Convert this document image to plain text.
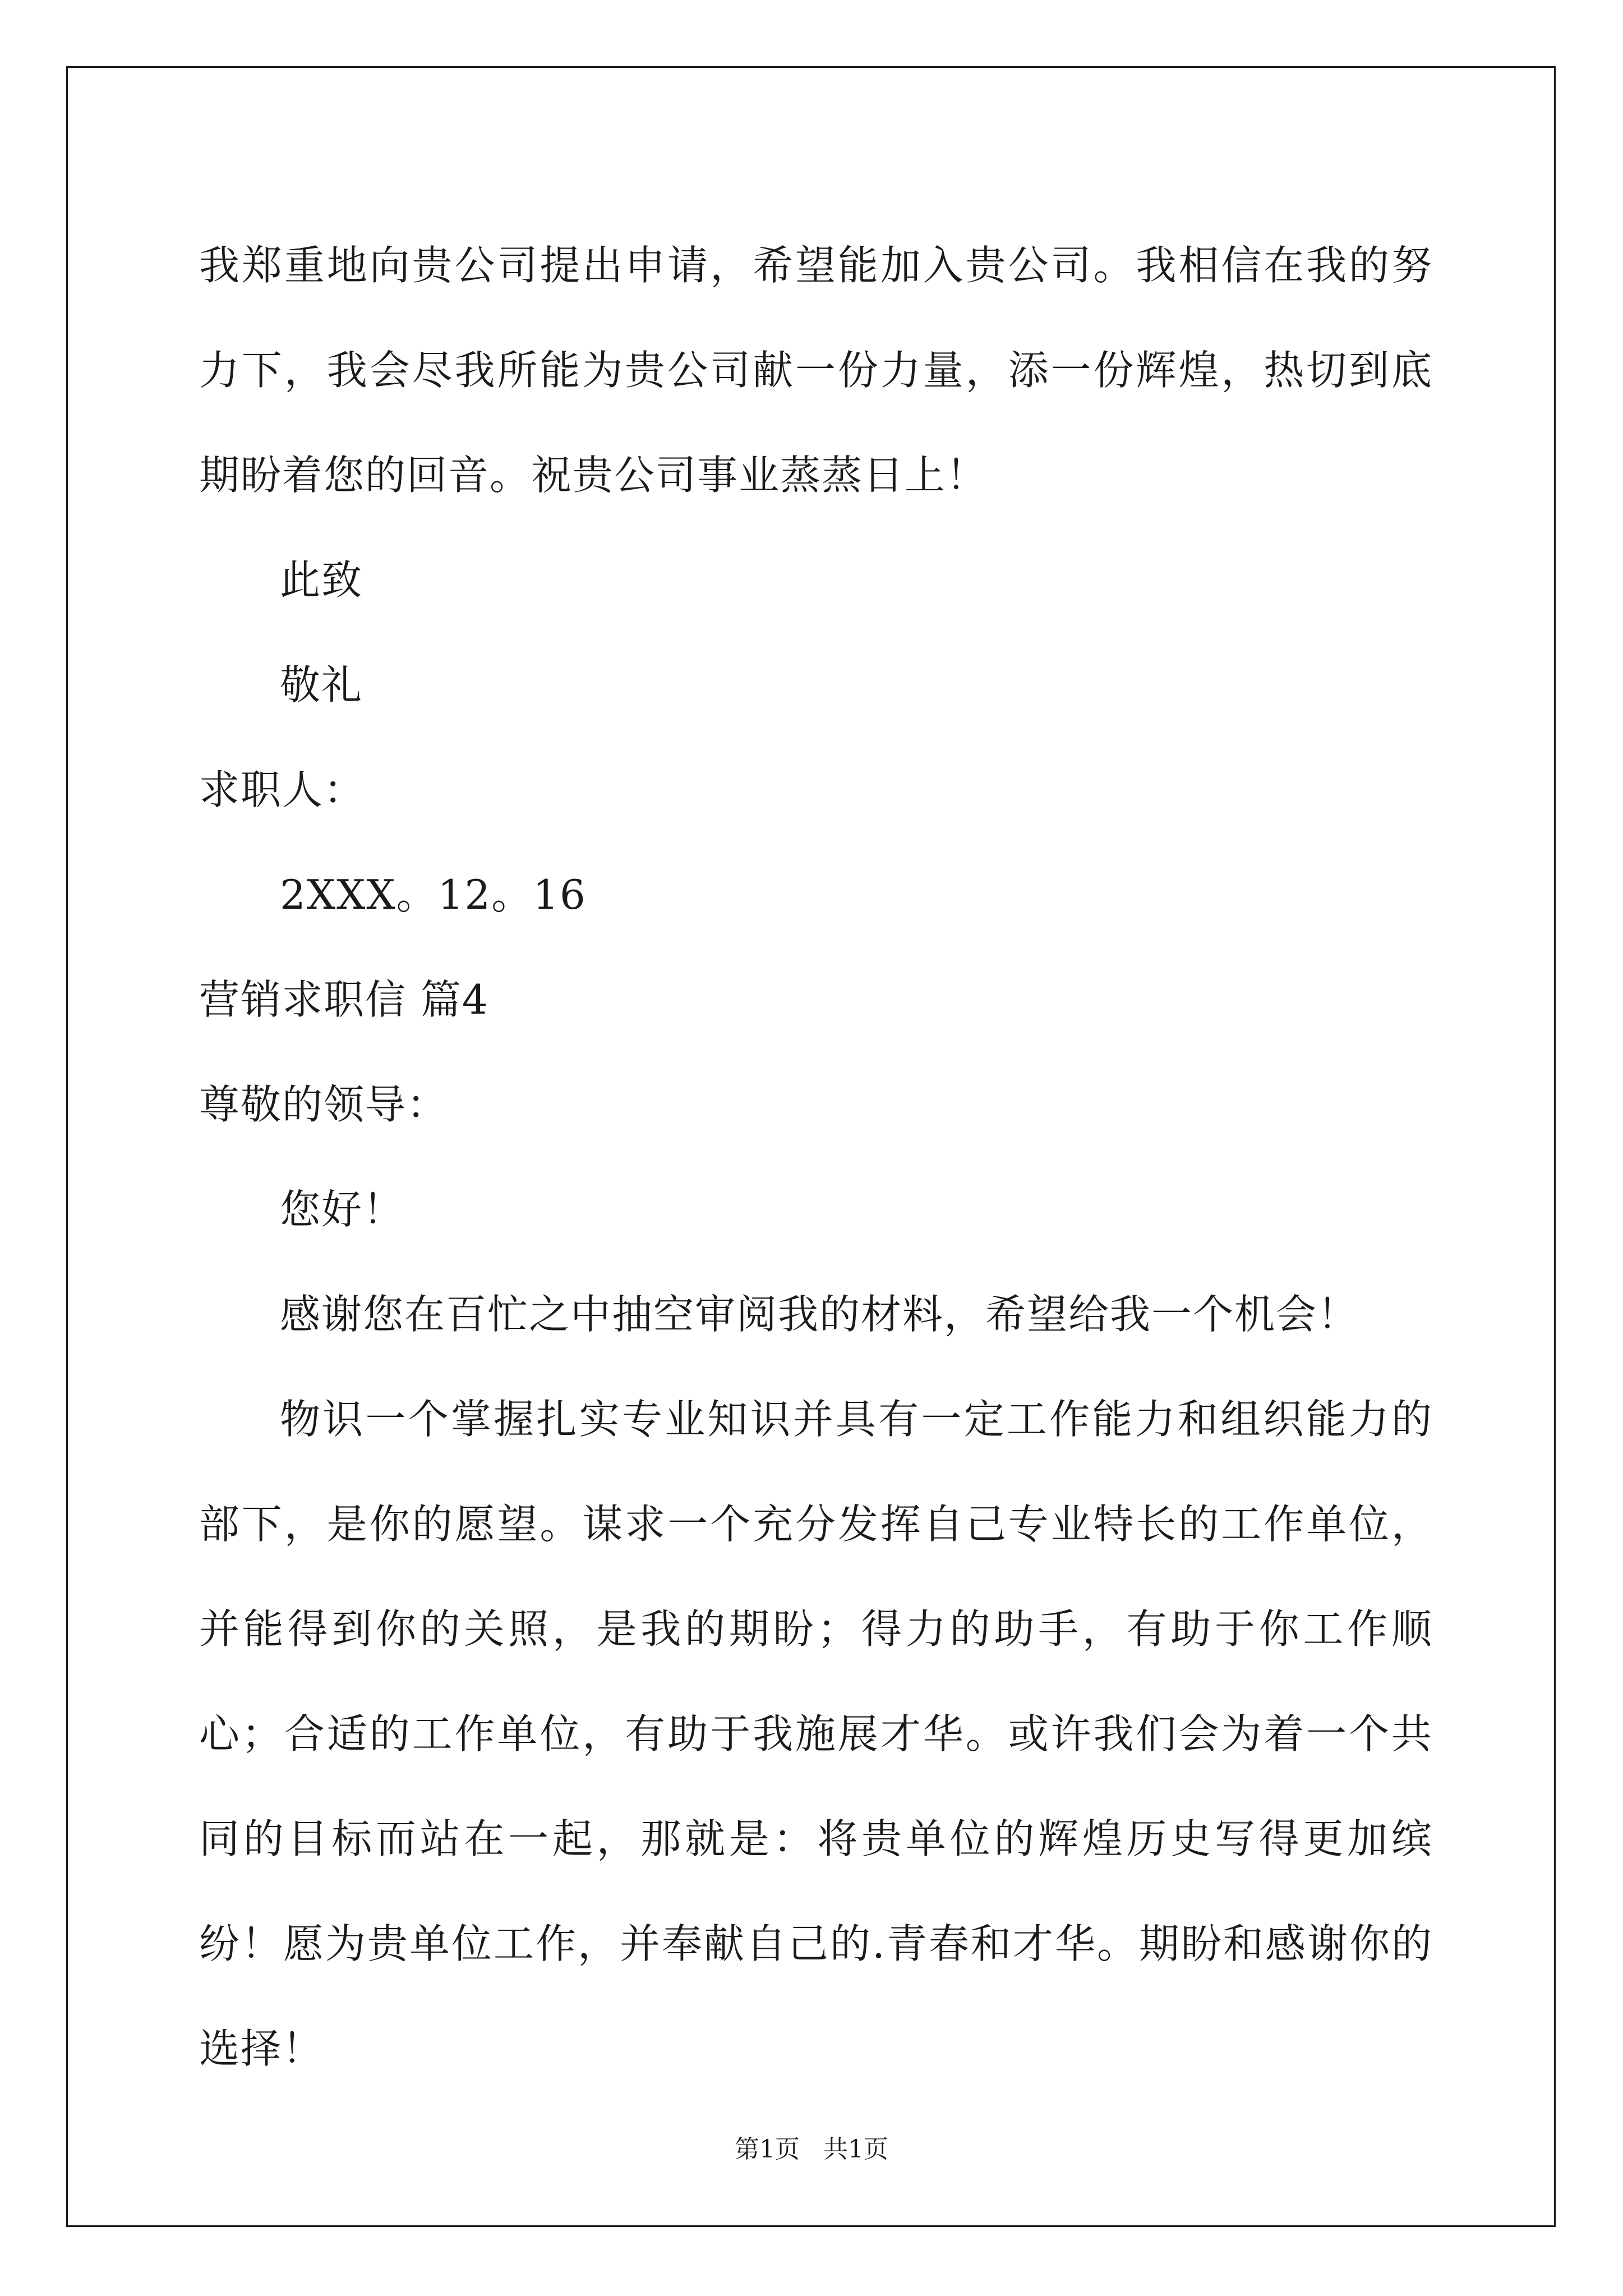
我郑重地向贵公司提出申请，希望能加入贵公司。我相信在我的努力下，我会尽我所能为贵公司献一份力量，添一份辉煌，热切到底期盼着您的回音。祝贵公司事业蒸蒸日上！

此致

敬礼

求职人：

2XXX。12。16

营销求职信 篇4

尊敬的领导：

您好！

感谢您在百忙之中抽空审阅我的材料，希望给我一个机会！

物识一个掌握扎实专业知识并具有一定工作能力和组织能力的部下，是你的愿望。谋求一个充分发挥自己专业特长的工作单位，并能得到你的关照，是我的期盼；得力的助手，有助于你工作顺心；合适的工作单位，有助于我施展才华。或许我们会为着一个共同的目标而站在一起，那就是：将贵单位的辉煌历史写得更加缤纷！愿为贵单位工作，并奉献自己的.青春和才华。期盼和感谢你的选择！

第1页   共1页
